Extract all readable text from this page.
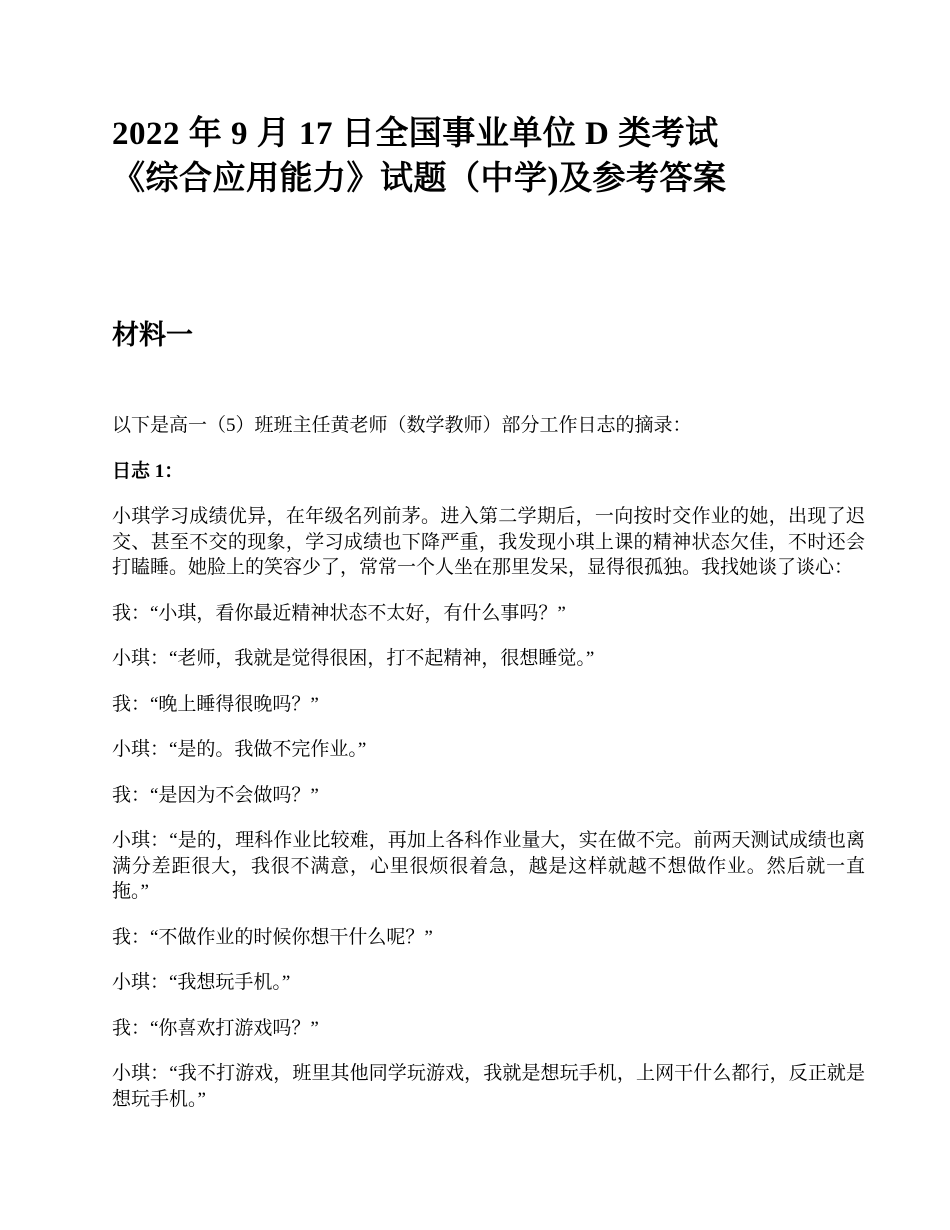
2022 年 9 月 17 日全国事业单位 D 类考试
《综合应用能力》试题（中学)及参考答案
材料一

以下是高一（5）班班主任黄老师（数学教师）部分工作日志的摘录：

日志 1：

小琪学习成绩优异，在年级名列前茅。进入第二学期后，一向按时交作业的她，出现了迟交、甚至不交的现象，学习成绩也下降严重，我发现小琪上课的精神状态欠佳，不时还会打瞌睡。她脸上的笑容少了，常常一个人坐在那里发呆，显得很孤独。我找她谈了谈心：

我：“小琪，看你最近精神状态不太好，有什么事吗？”

小琪：“老师，我就是觉得很困，打不起精神，很想睡觉。”

我：“晚上睡得很晚吗？”

小琪：“是的。我做不完作业。”

我：“是因为不会做吗？”

小琪：“是的，理科作业比较难，再加上各科作业量大，实在做不完。前两天测试成绩也离满分差距很大，我很不满意，心里很烦很着急，越是这样就越不想做作业。然后就一直拖。”

我：“不做作业的时候你想干什么呢？”

小琪：“我想玩手机。”

我：“你喜欢打游戏吗？”

小琪：“我不打游戏，班里其他同学玩游戏，我就是想玩手机，上网干什么都行，反正就是想玩手机。”
